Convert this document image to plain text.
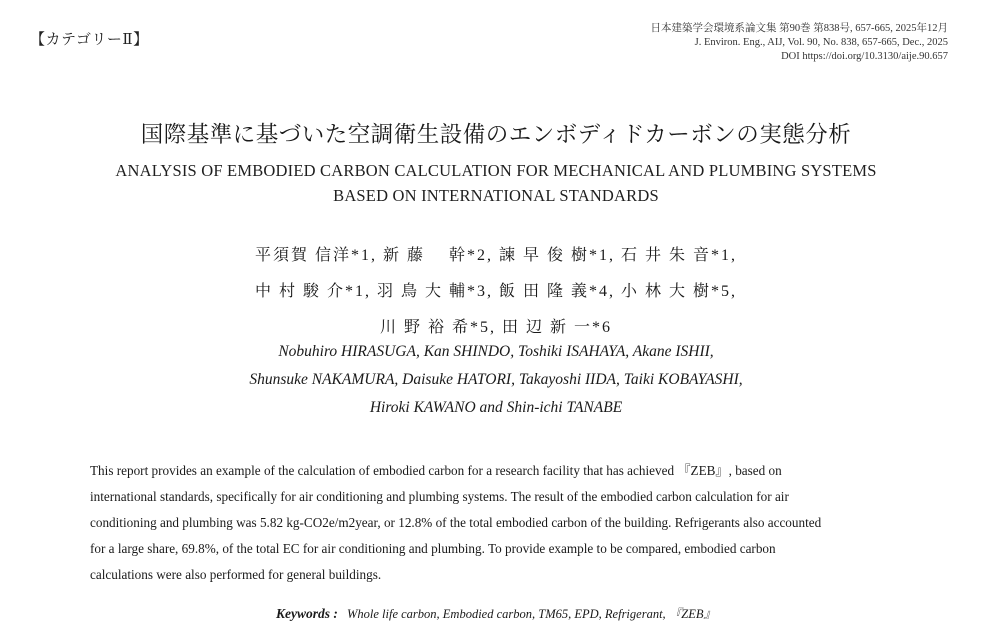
【カテゴリーⅡ】
日本建築学会環境系論文集 第90巻 第838号, 657-665, 2025年12月
J. Environ. Eng., AIJ, Vol. 90, No. 838, 657-665, Dec., 2025
DOI https://doi.org/10.3130/aije.90.657
国際基準に基づいた空調衛生設備のエンボディドカーボンの実態分析
ANALYSIS OF EMBODIED CARBON CALCULATION FOR MECHANICAL AND PLUMBING SYSTEMS
BASED ON INTERNATIONAL STANDARDS
平須賀 信洋*1, 新 藤　 幹*2, 諫 早 俊 樹*1, 石 井 朱 音*1,
中 村 駿 介*1, 羽 鳥 大 輔*3, 飯 田 隆 義*4, 小 林 大 樹*5,
川 野 裕 希*5, 田 辺 新 一*6
Nobuhiro HIRASUGA, Kan SHINDO, Toshiki ISAHAYA, Akane ISHII,
Shunsuke NAKAMURA, Daisuke HATORI, Takayoshi IIDA, Taiki KOBAYASHI,
Hiroki KAWANO and Shin-ichi TANABE
This report provides an example of the calculation of embodied carbon for a research facility that has achieved 『ZEB』, based on
international standards, specifically for air conditioning and plumbing systems. The result of the embodied carbon calculation for air
conditioning and plumbing was 5.82 kg-CO2e/m2year, or 12.8% of the total embodied carbon of the building. Refrigerants also accounted
for a large share, 69.8%, of the total EC for air conditioning and plumbing. To provide example to be compared, embodied carbon
calculations were also performed for general buildings.
Keywords : Whole life carbon, Embodied carbon, TM65, EPD, Refrigerant, 『ZEB』
